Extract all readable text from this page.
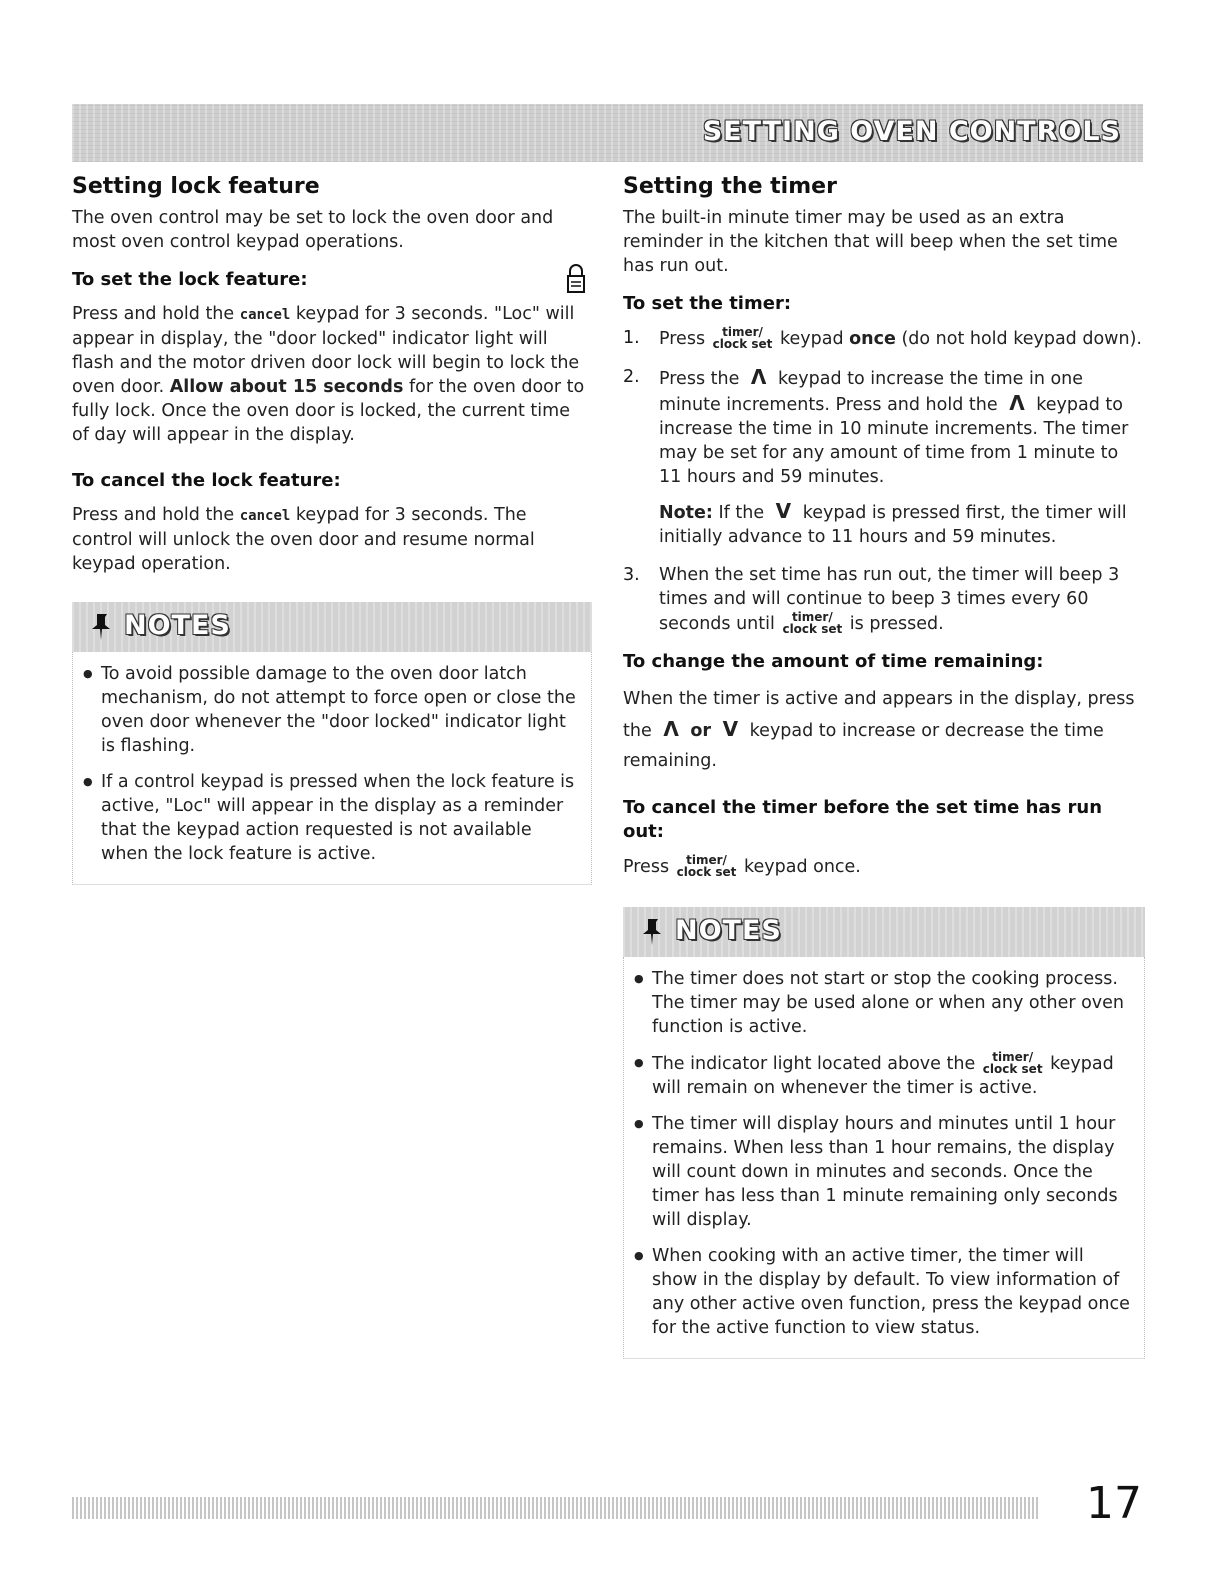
SETTING OVEN CONTROLS
Setting lock feature

The oven control may be set to lock the oven door and most oven control keypad operations.

To set the lock feature:

Press and hold the cancel keypad for 3 seconds. "Loc" will appear in display, the "door locked" indicator light will flash and the motor driven door lock will begin to lock the oven door. Allow about 15 seconds for the oven door to fully lock. Once the oven door is locked, the current time of day will appear in the display.

To cancel the lock feature:

Press and hold the cancel keypad for 3 seconds. The control will unlock the oven door and resume normal keypad operation.

NOTES
● To avoid possible damage to the oven door latch mechanism, do not attempt to force open or close the oven door whenever the "door locked" indicator light is flashing.
● If a control keypad is pressed when the lock feature is active, "Loc" will appear in the display as a reminder that the keypad action requested is not available when the lock feature is active.
Setting the timer

The built-in minute timer may be used as an extra reminder in the kitchen that will beep when the set time has run out.

To set the timer:
1. Press	timer/
clock set keypad once (do not hold keypad down).

2. Press the Λ keypad to increase the time in one minute increments. Press and hold the Λ keypad to increase the time in 10 minute increments. The timer may be set for any amount of time from 1 minute to 11 hours and 59 minutes.

Note: If the V keypad is pressed first, the timer will initially advance to 11 hours and 59 minutes.

3. When the set time has run out, the timer will beep 3 times and will continue to beep 3 times every 60 seconds until	timer/
clock set is pressed.

To change the amount of time remaining:

When the timer is active and appears in the display, press the Λ or V keypad to increase or decrease the time remaining.

To cancel the timer before the set time has run out:

Press	timer/
clock set keypad once.

NOTES
● The timer does not start or stop the cooking process. The timer may be used alone or when any other oven function is active.
● The indicator light located above the	timer/
clock set keypad will remain on whenever the timer is active.
● The timer will display hours and minutes until 1 hour remains. When less than 1 hour remains, the display will count down in minutes and seconds. Once the timer has less than 1 minute remaining only seconds will display.
● When cooking with an active timer, the timer will show in the display by default. To view information of any other active oven function, press the keypad once for the active function to view status.
17
